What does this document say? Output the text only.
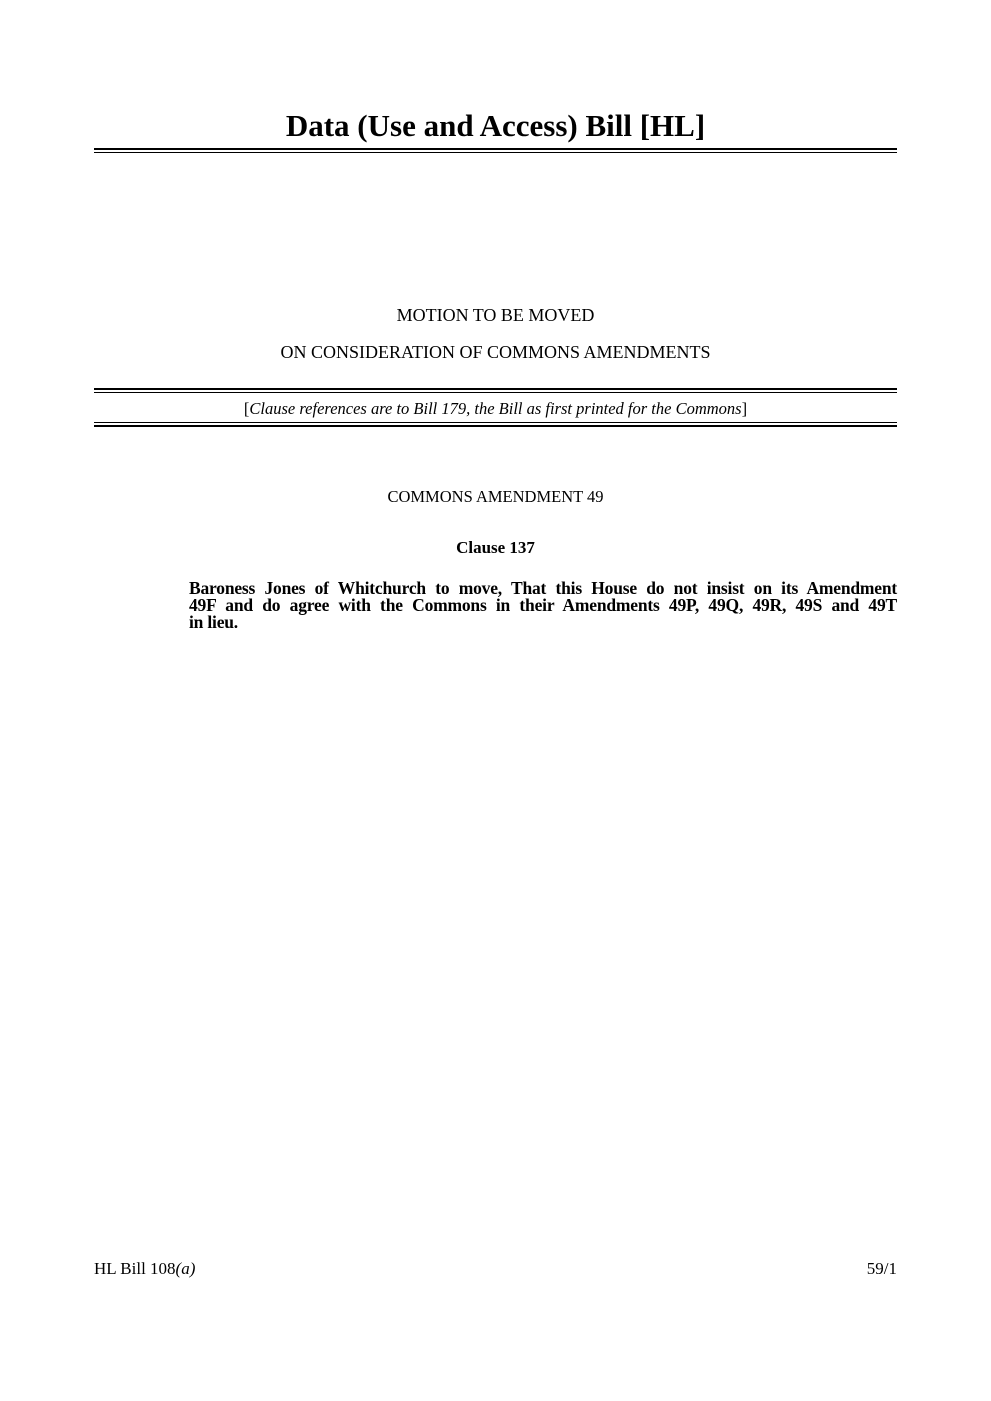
Data (Use and Access) Bill [HL]
MOTION TO BE MOVED
ON CONSIDERATION OF COMMONS AMENDMENTS
[Clause references are to Bill 179, the Bill as first printed for the Commons]
COMMONS AMENDMENT 49
Clause 137
Baroness Jones of Whitchurch to move, That this House do not insist on its Amendment
49F and do agree with the Commons in their Amendments 49P, 49Q, 49R, 49S and 49T
in lieu.
HL Bill 108(a)	59/1
